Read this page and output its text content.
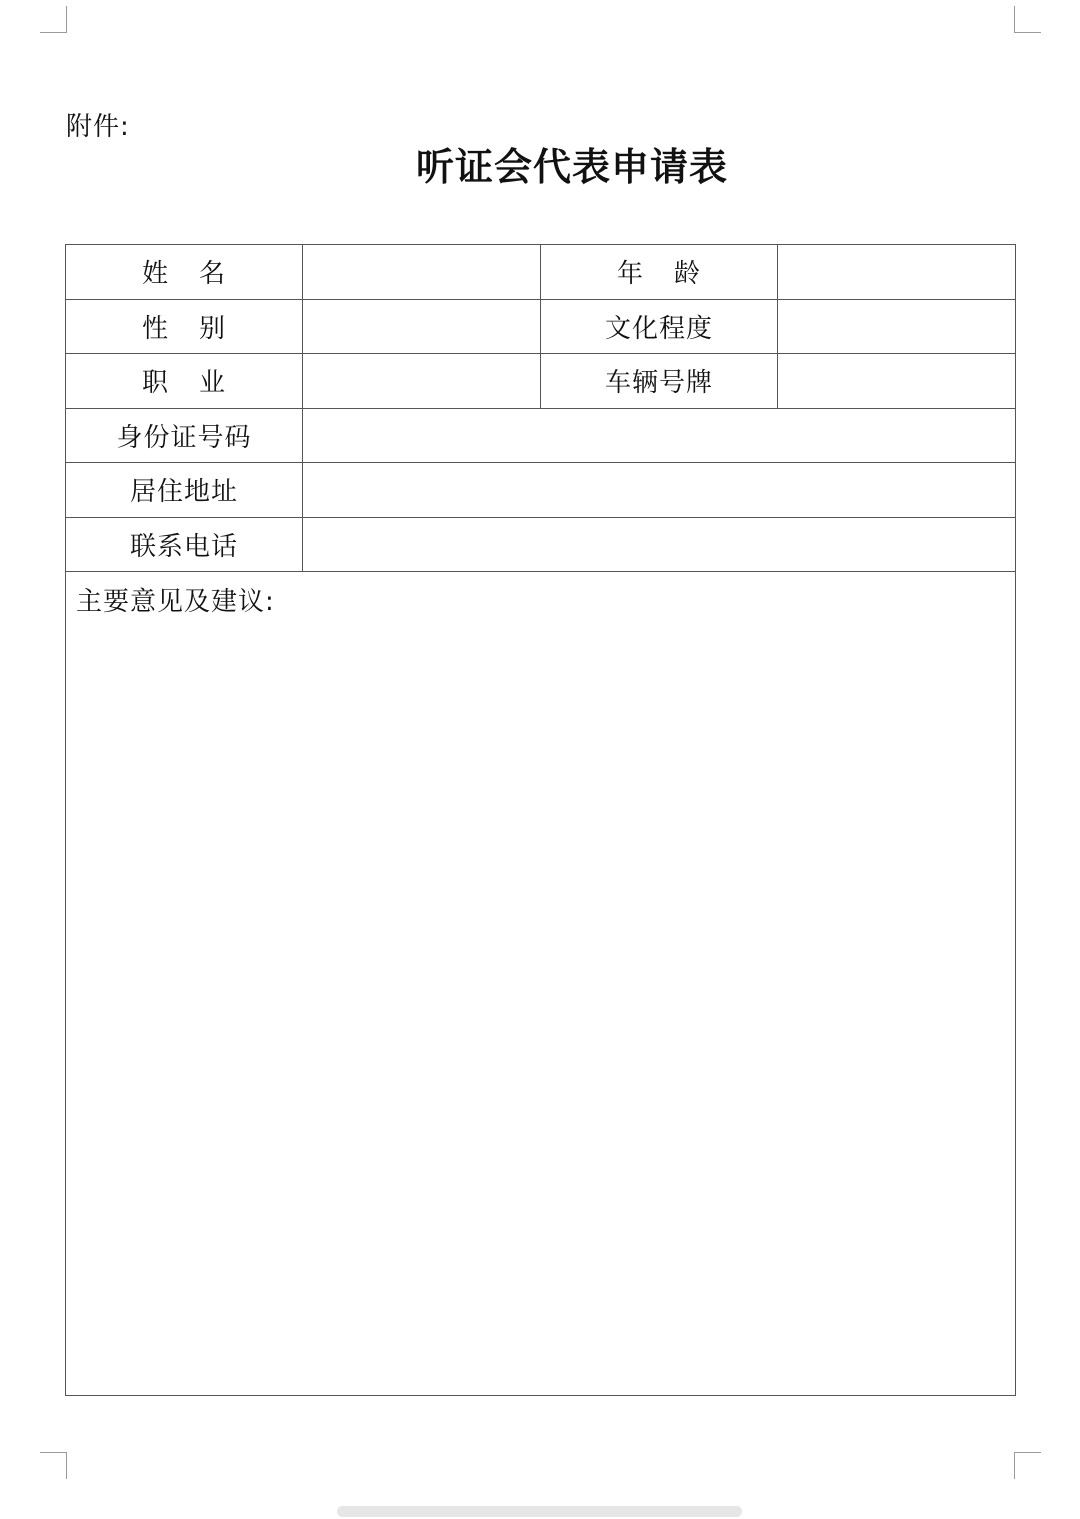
附件:
听证会代表申请表
姓 名		年 龄	
性 别		文化程度	
职 业		车辆号牌	
身份证号码			
居住地址			
联系电话			

主要意见及建议:			
